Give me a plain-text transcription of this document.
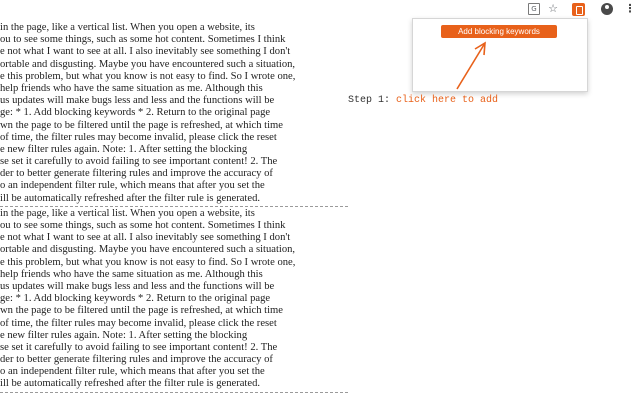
G ☆	⋮
in the page, like a vertical list. When you open a website, its
ou to see some things, such as some hot content. Sometimes I think
e not what I want to see at all. I also inevitably see something I don't
ortable and disgusting. Maybe you have encountered such a situation,
e this problem, but what you know is not easy to find. So I wrote one,
help friends who have the same situation as me. Although this
us updates will make bugs less and less and the functions will be
ge: * 1. Add blocking keywords * 2. Return to the original page
wn the page to be filtered until the page is refreshed, at which time
of time, the filter rules may become invalid, please click the reset
e new filter rules again. Note: 1. After setting the blocking
se set it carefully to avoid failing to see important content! 2. The
der to better generate filtering rules and improve the accuracy of
o an independent filter rule, which means that after you set the
ill be automatically refreshed after the filter rule is generated.
in the page, like a vertical list. When you open a website, its
ou to see some things, such as some hot content. Sometimes I think
e not what I want to see at all. I also inevitably see something I don't
ortable and disgusting. Maybe you have encountered such a situation,
e this problem, but what you know is not easy to find. So I wrote one,
help friends who have the same situation as me. Although this
us updates will make bugs less and less and the functions will be
ge: * 1. Add blocking keywords * 2. Return to the original page
wn the page to be filtered until the page is refreshed, at which time
of time, the filter rules may become invalid, please click the reset
e new filter rules again. Note: 1. After setting the blocking
se set it carefully to avoid failing to see important content! 2. The
der to better generate filtering rules and improve the accuracy of
o an independent filter rule, which means that after you set the
ill be automatically refreshed after the filter rule is generated.
Add blocking keywords
Step 1: click here to add
